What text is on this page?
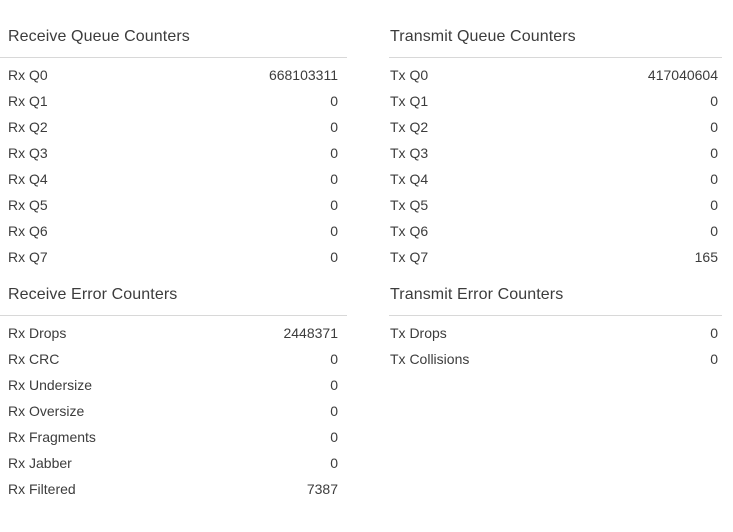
Receive Queue Counters
Rx Q0	668103311
Rx Q1	0
Rx Q2	0
Rx Q3	0
Rx Q4	0
Rx Q5	0
Rx Q6	0
Rx Q7	0
Receive Error Counters
Rx Drops	2448371
Rx CRC	0
Rx Undersize	0
Rx Oversize	0
Rx Fragments	0
Rx Jabber	0
Rx Filtered	7387
Transmit Queue Counters
Tx Q0	417040604
Tx Q1	0
Tx Q2	0
Tx Q3	0
Tx Q4	0
Tx Q5	0
Tx Q6	0
Tx Q7	165
Transmit Error Counters
Tx Drops	0
Tx Collisions	0
